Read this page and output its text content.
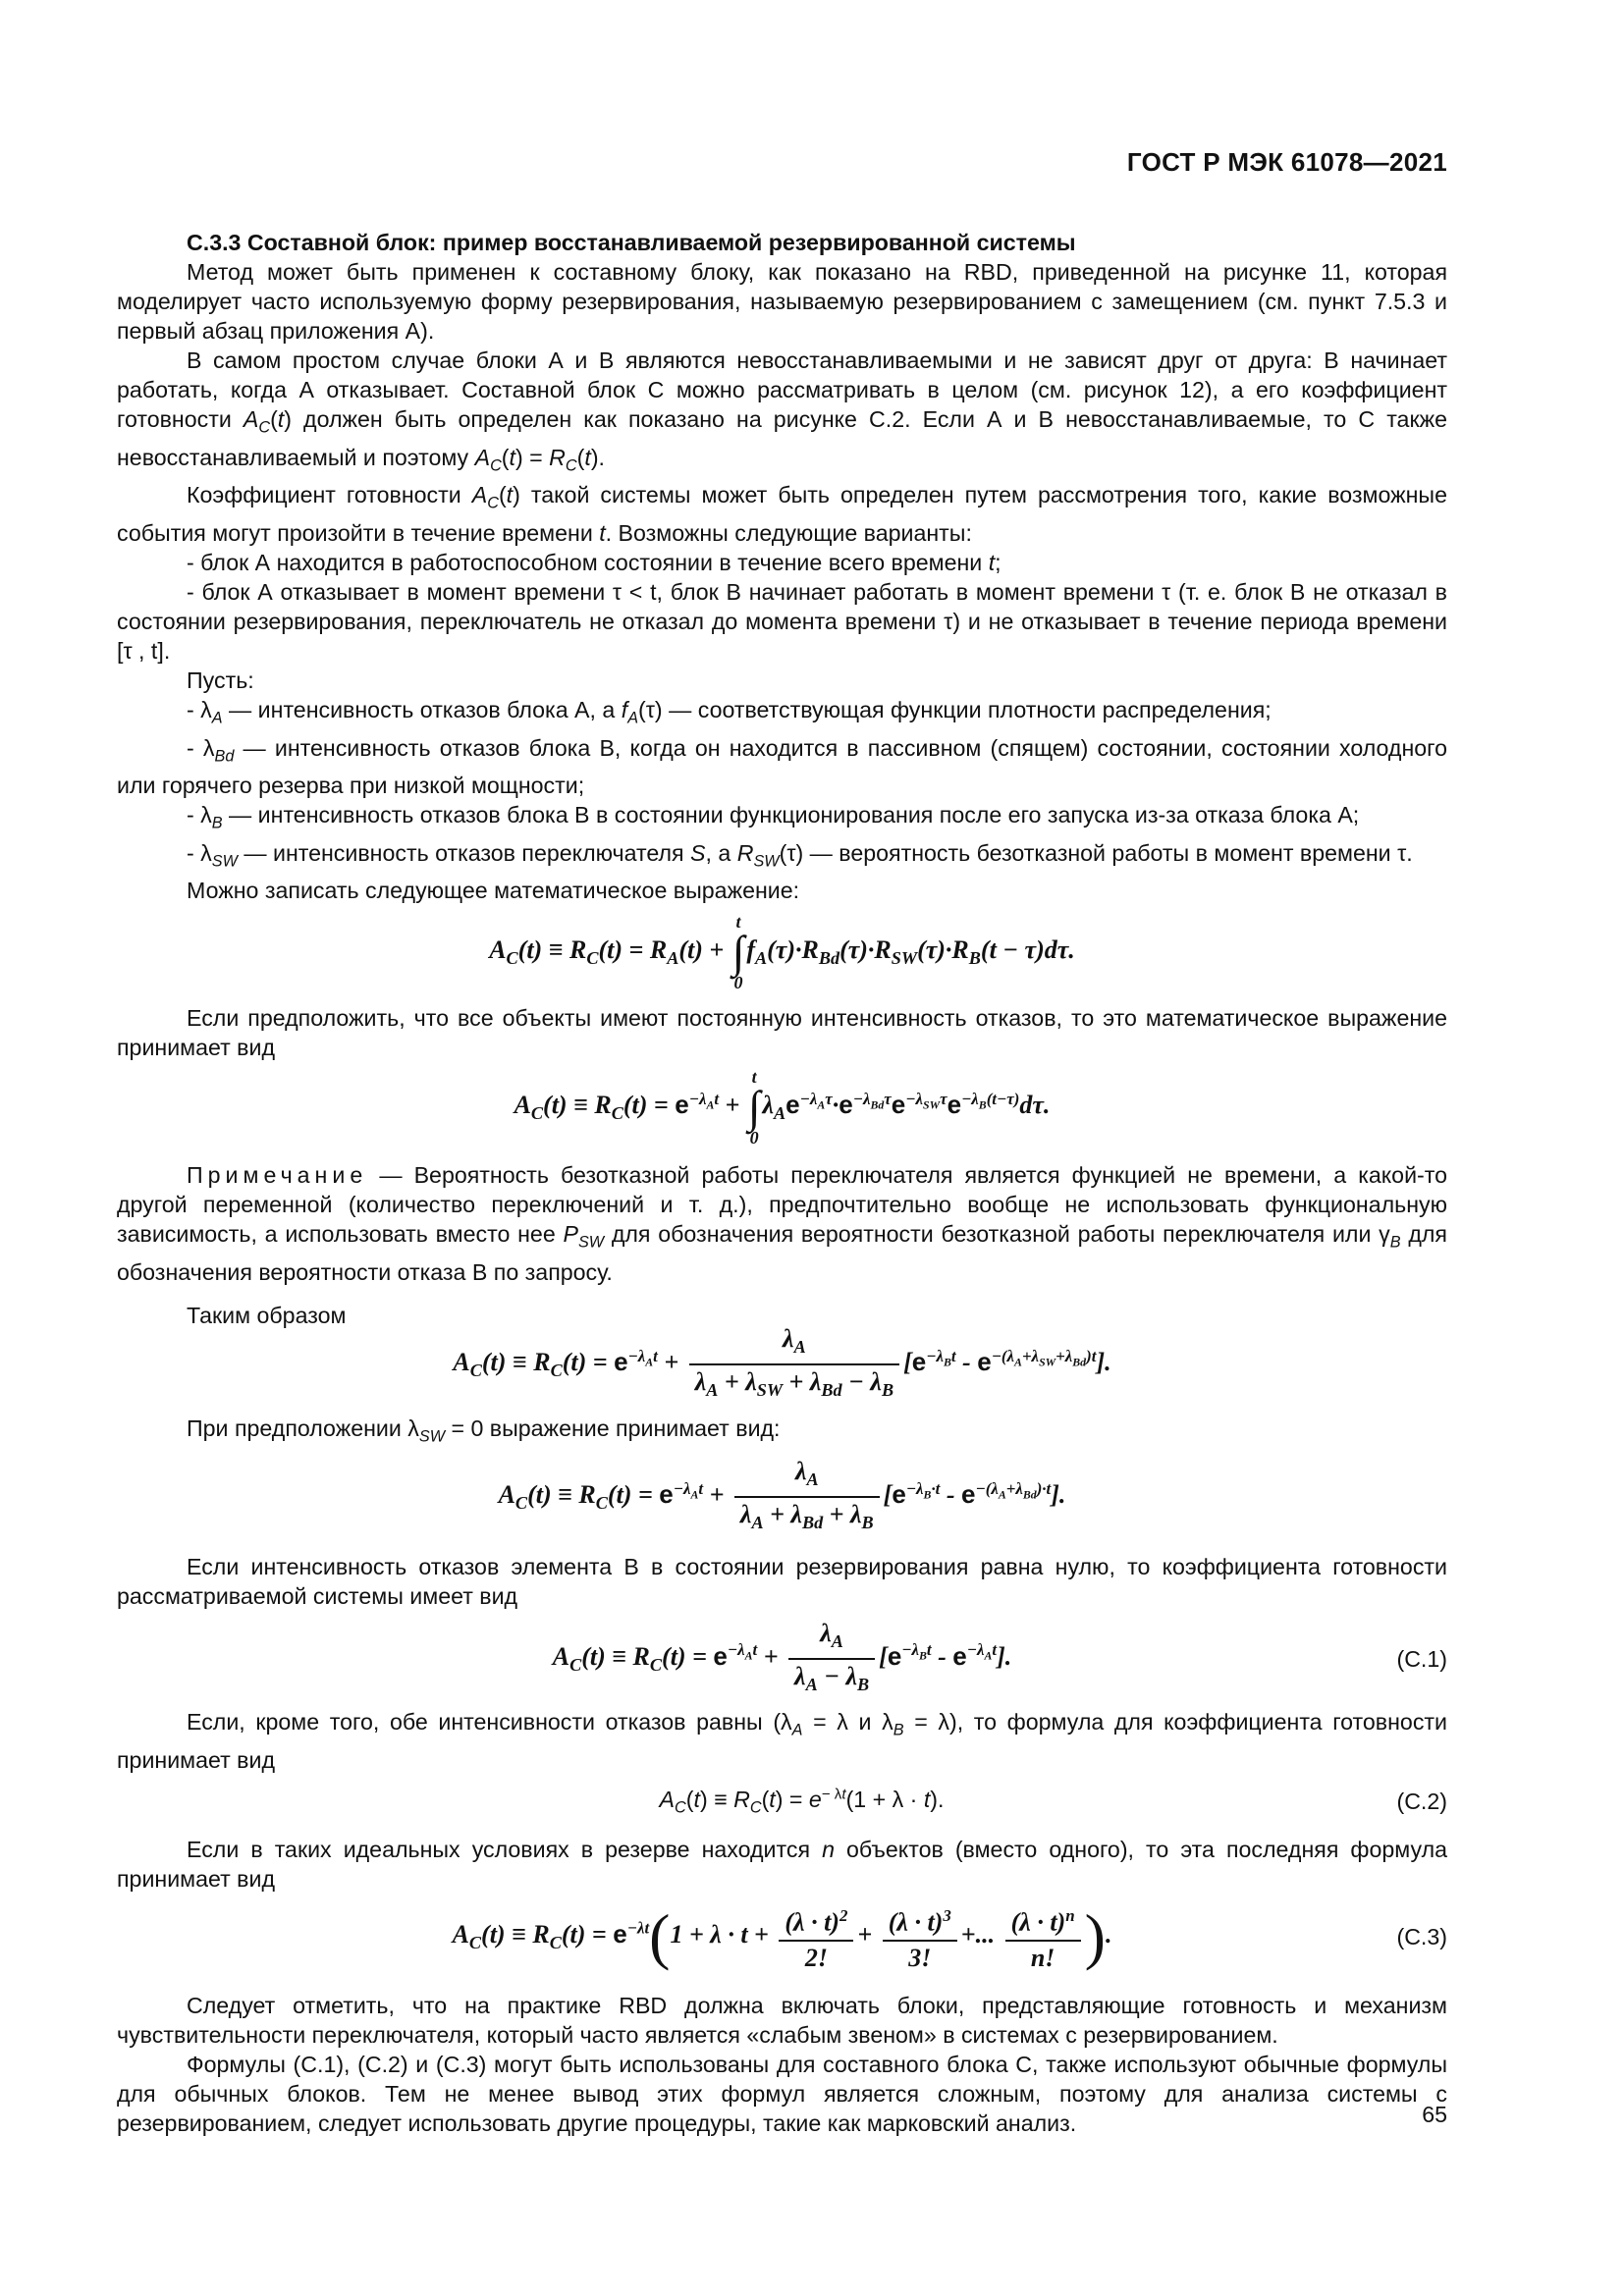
ГОСТ Р МЭК 61078—2021
С.3.3 Составной блок: пример восстанавливаемой резервированной системы

Метод может быть применен к составному блоку, как показано на RBD, приведенной на рисунке 11, которая моделирует часто используемую форму резервирования, называемую резервированием с замещением (см. пункт 7.5.3 и первый абзац приложения А).

В самом простом случае блоки А и В являются невосстанавливаемыми и не зависят друг от друга: В начинает работать, когда А отказывает. Составной блок С можно рассматривать в целом (см. рисунок 12), а его коэффициент готовности $A_C(t)$ должен быть определен как показано на рисунке С.2. Если А и В невосстанавливаемые, то С также невосстанавливаемый и поэтому $A_C(t) = R_C(t)$.

Коэффициент готовности $A_C(t)$ такой системы может быть определен путем рассмотрения того, какие возможные события могут произойти в течение времени t. Возможны следующие варианты:

- блок А находится в работоспособном состоянии в течение всего времени t;

- блок А отказывает в момент времени τ < t, блок В начинает работать в момент времени τ (т. е. блок В не отказал в состоянии резервирования, переключатель не отказал до момента времени τ) и не отказывает в течение периода времени [τ , t].

Пусть:

- $\lambda_A$ — интенсивность отказов блока А, а $f_A(\tau)$ — соответствующая функции плотности распределения;

- $\lambda_{Bd}$ — интенсивность отказов блока В, когда он находится в пассивном (спящем) состоянии, состоянии холодного или горячего резерва при низкой мощности;

- $\lambda_B$ — интенсивность отказов блока В в состоянии функционирования после его запуска из-за отказа блока А;

- $\lambda_{SW}$ — интенсивность отказов переключателя S, а $R_{SW}(\tau)$ — вероятность безотказной работы в момент времени τ.

Можно записать следующее математическое выражение:

$A_C(t) \equiv R_C(t) = R_A(t)$ +
t
∫
0
$f_A(\tau)\cdot R_{Bd}(\tau)\cdot R_{SW}(\tau)\cdot R_B(t - \tau)d\tau$.

Если предположить, что все объекты имеют постоянную интенсивность отказов, то это математическое выражение принимает вид

$A_C(t) \equiv R_C(t) = e^{-\lambda_At}$ +
t
∫
0
$\lambda_Ae^{-\lambda_A\tau}\cdot e^{-\lambda_{Bd}\tau}e^{-\lambda_{SW}\tau}e^{-\lambda_B(t-\tau)}d\tau$.

Примечание — Вероятность безотказной работы переключателя является функцией не времени, а какой-то другой переменной (количество переключений и т. д.), предпочтительно вообще не использовать функциональную зависимость, а использовать вместо нее $P_{SW}$ для обозначения вероятности безотказной работы переключателя или $\gamma_B$ для обозначения вероятности отказа В по запросу.

Таким образом

$A_C(t) \equiv R_C(t) = e^{-\lambda_At} + \frac{\lambda_A}{\lambda_A + \lambda_{SW} + \lambda_{Bd} - \lambda_B} [e^{-\lambda_Bt} - e^{-(\lambda_A+\lambda_{SW}+\lambda_{Bd})t}]$.

При предположении $\lambda_{SW} = 0$ выражение принимает вид:

$A_C(t) \equiv R_C(t) = e^{-\lambda_At} + \frac{\lambda_A}{\lambda_A + \lambda_{Bd} + \lambda_B} [e^{-\lambda_B\cdot t} - e^{-(\lambda_A+\lambda_{Bd})\cdot t}]$.

Если интенсивность отказов элемента В в состоянии резервирования равна нулю, то коэффициента готовности рассматриваемой системы имеет вид

$A_C(t) \equiv R_C(t) = e^{-\lambda_At} + \frac{\lambda_A}{\lambda_A - \lambda_B} [e^{-\lambda_Bt} - e^{-\lambda_At}]$.	(С.1)

Если, кроме того, обе интенсивности отказов равны ($\lambda_A = \lambda$ и $\lambda_B = \lambda$), то формула для коэффициента готовности принимает вид

$A_C(t) \equiv R_C(t) = e^{- \lambda t}(1 + \lambda \cdot t)$.	(С.2)

Если в таких идеальных условиях в резерве находится n объектов (вместо одного), то эта последняя формула принимает вид

$A_C(t) \equiv R_C(t) = e^{-\lambda t}(1 + \lambda \cdot t + \frac{(\lambda \cdot t)^2}{2!} + \frac{(\lambda \cdot t)^3}{3!}$ +... $\frac{(\lambda \cdot t)^n}{n!}$ ).	(С.3)

Следует отметить, что на практике RBD должна включать блоки, представляющие готовность и механизм чувствительности переключателя, который часто является «слабым звеном» в системах с резервированием.

Формулы (С.1), (С.2) и (С.3) могут быть использованы для составного блока С, также используют обычные формулы для обычных блоков. Тем не менее вывод этих формул является сложным, поэтому для анализа системы с резервированием, следует использовать другие процедуры, такие как марковский анализ.	65
